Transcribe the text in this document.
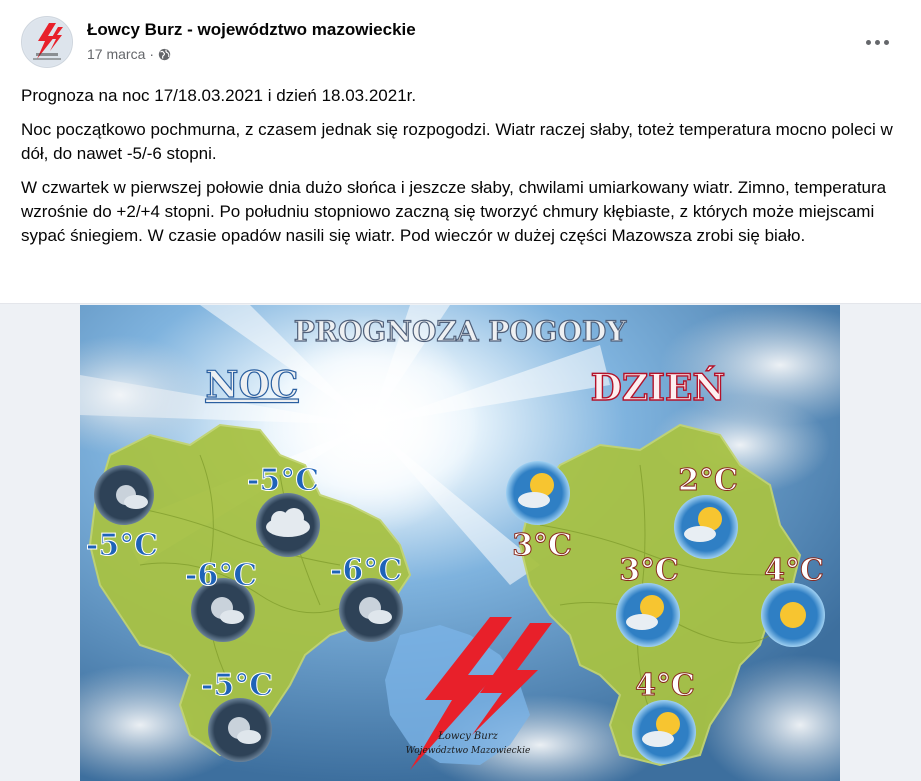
Łowcy Burz - województwo mazowieckie
17 marca ·

Prognoza na noc 17/18.03.2021 i dzień 18.03.2021r.

Noc początkowo pochmurna, z czasem jednak się rozpogodzi. Wiatr raczej słaby, toteż temperatura mocno poleci w dół, do nawet -5/-6 stopni.

W czwartek w pierwszej połowie dnia dużo słońca i jeszcze słaby, chwilami umiarkowany wiatr. Zimno, temperatura wzrośnie do +2/+4 stopni. Po południu stopniowo zaczną się tworzyć chmury kłębiaste, z których może miejscami sypać śniegiem. W czasie opadów nasili się wiatr. Pod wieczór w dużej części Mazowsza zrobi się biało.

Łowcy Burz
Województwo Mazowieckie
PROGNOZA POGODY
NOC	DZIEŃ
-5°C
-5°C
-6°C -6°C
-5°C
3°C
2°C
3°C	4°C
4°C
